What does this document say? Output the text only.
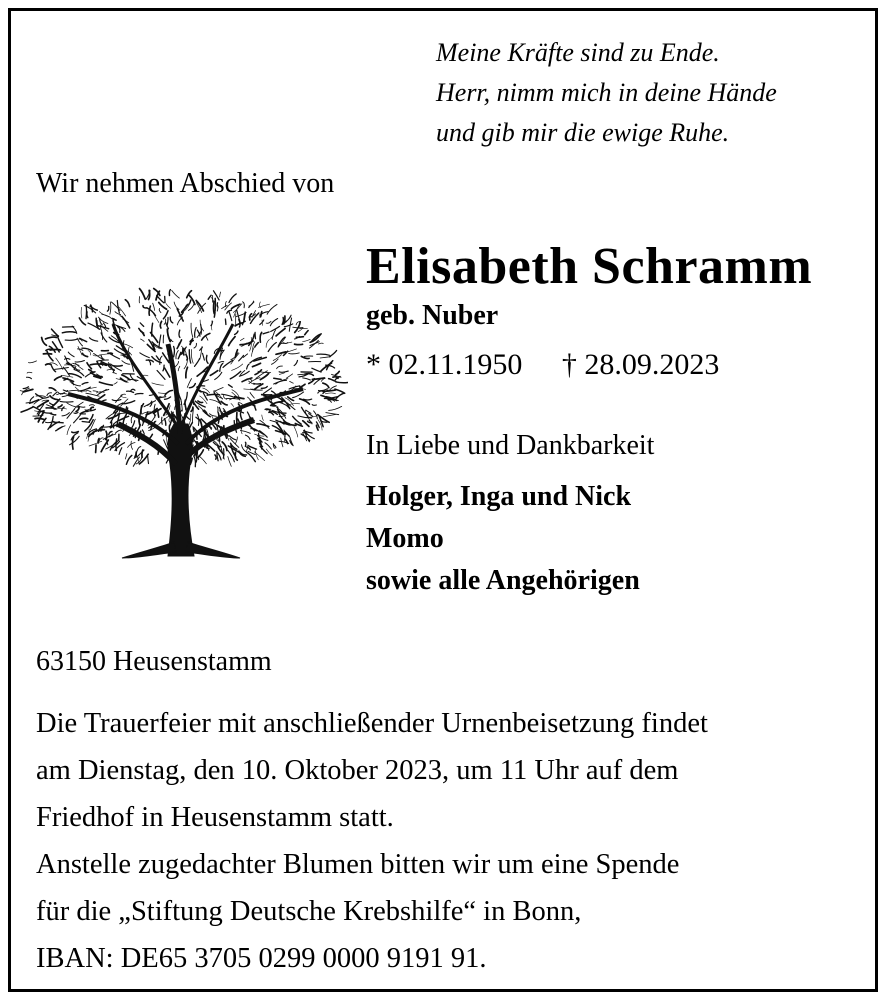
Meine Kräfte sind zu Ende.
Herr, nimm mich in deine Hände
und gib mir die ewige Ruhe.
Wir nehmen Abschied von
Elisabeth Schramm
geb. Nuber
* 02.11.1950 † 28.09.2023
In Liebe und Dankbarkeit
Holger, Inga und Nick
Momo
sowie alle Angehörigen
63150 Heusenstamm
Die Trauerfeier mit anschließender Urnenbeisetzung findet
am Dienstag, den 10. Oktober 2023, um 11 Uhr auf dem
Friedhof in Heusenstamm statt.
Anstelle zugedachter Blumen bitten wir um eine Spende
für die „Stiftung Deutsche Krebshilfe“ in Bonn,
IBAN: DE65 3705 0299 0000 9191 91.
